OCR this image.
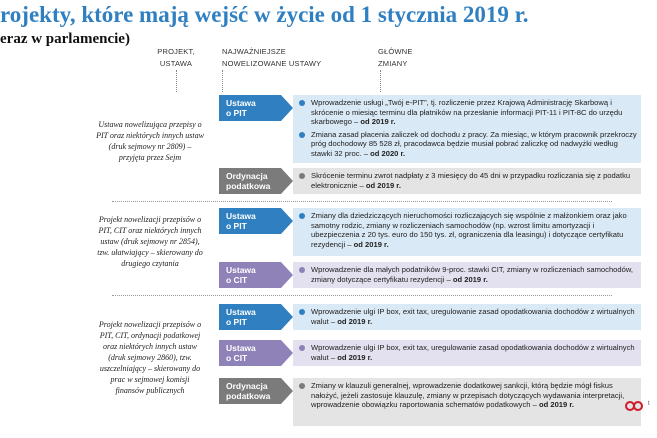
rojekty, które mają wejść w życie od 1 stycznia 2019 r.
eraz w parlamencie)
PROJEKT,
USTAWA
NAJWAŻNIEJSZE
NOWELIZOWANE USTAWY
GŁÓWNE
ZMIANY
Ustawa nowelizująca przepisy o PIT oraz niektórych innych ustaw (druk sejmowy nr 2809) – przyjęta przez Sejm
Projekt nowelizacji przepisów o PIT, CIT oraz niektórych innych ustaw (druk sejmowy nr 2854), tzw. ułatwiający – skierowany do drugiego czytania
Projekt nowelizacji przepisów o PIT, CIT, ordynacji podatkowej oraz niektórych innych ustaw (druk sejmowy 2860), tzw. uszczelniający – skierowany do prac w sejmowej komisji finansów publicznych
Ustawa
o PIT
Wprowadzenie usługi „Twój e-PIT”, tj. rozliczenie przez Krajową Administrację Skarbową i skrócenie o miesiąc terminu dla płatników na przesłanie informacji PIT-11 i PIT-8C do urzędu skarbowego – od 2019 r.
Zmiana zasad płacenia zaliczek od dochodu z pracy. Za miesiąc, w którym pracownik przekroczy próg dochodowy 85 528 zł, pracodawca będzie musiał pobrać zaliczkę od nadwyżki według stawki 32 proc. – od 2020 r.
Ordynacja
podatkowa
Skrócenie terminu zwrot nadpłaty z 3 miesięcy do 45 dni w przypadku rozliczania się z podatku elektronicznie – od 2019 r.
Ustawa
o PIT
Zmiany dla dziedziczących nieruchomości rozliczających się wspólnie z małżonkiem oraz jako samotny rodzic, zmiany w rozliczeniach samochodów (np. wzrost limitu amortyzacji i ubezpieczenia z 20 tys. euro do 150 tys. zł, ograniczenia dla leasingu) i dotyczące certyfikatu rezydencji – od 2019 r.
Ustawa
o CIT
Wprowadzenie dla małych podatników 9-proc. stawki CIT, zmiany w rozliczeniach samochodów, zmiany dotyczące certyfikatu rezydencji – od 2019 r.
Ustawa
o PIT
Wprowadzenie ulgi IP box, exit tax, uregulowanie zasad opodatkowania dochodów z wirtualnych walut – od 2019 r.
Ustawa
o CIT
Wprowadzenie ulgi IP box, exit tax, uregulowanie zasad opodatkowania dochodów z wirtualnych walut – od 2019 r.
Ordynacja
podatkowa
Zmiany w klauzuli generalnej, wprowadzenie dodatkowej sankcji, którą będzie mógł fiskus nałożyć, jeżeli zastosuje klauzulę, zmiany w przepisach dotyczących wydawania interpretacji, wprowadzenie obowiązku raportowania schematów podatkowych – od 2019 r.	t
